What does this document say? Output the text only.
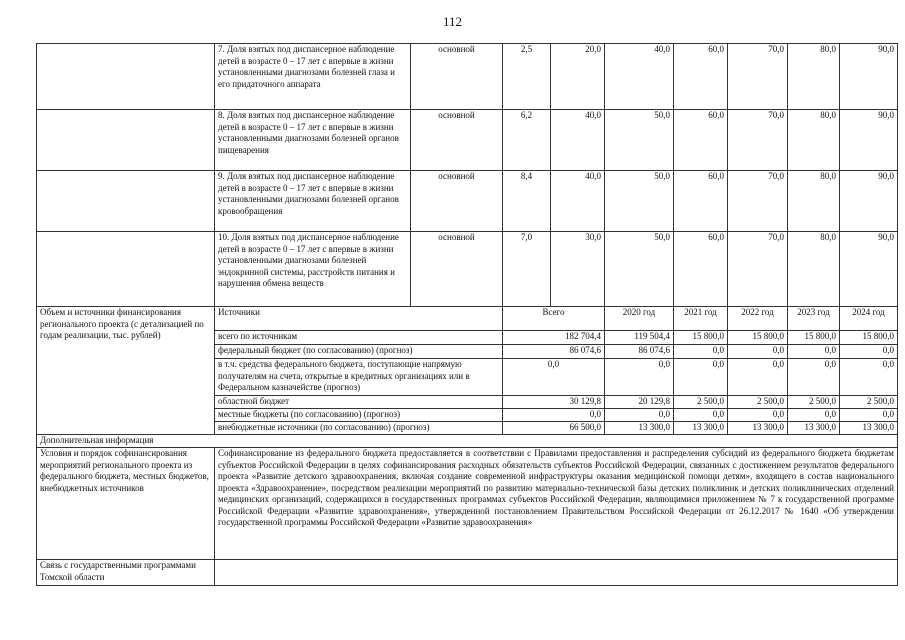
112
	7. Доля взятых под диспансерное наблюдение детей в возрасте 0 – 17 лет с впервые в жизни установленными диагнозами болезней глаза и его придаточного аппарата	основной	2,5	20,0	40,0	60,0	70,0	80,0	90,0
	8. Доля взятых под диспансерное наблюдение детей в возрасте 0 – 17 лет с впервые в жизни установленными диагнозами болезней органов пищеварения	основной	6,2	40,0	50,0	60,0	70,0	80,0	90,0
	9. Доля взятых под диспансерное наблюдение детей в возрасте 0 – 17 лет с впервые в жизни установленными диагнозами болезней органов кровообращения	основной	8,4	40,0	50,0	60,0	70,0	80,0	90,0
	10. Доля взятых под диспансерное наблюдение детей в возрасте 0 – 17 лет с впервые в жизни установленными диагнозами болезней эндокринной системы, расстройств питания и нарушения обмена веществ	основной	7,0	30,0	50,0	60,0	70,0	80,0	90,0
Объем и источники финансирования регионального проекта (с детализацией по годам реализации, тыс. рублей)	Источники		Всего		2020 год	2021 год	2022 год	2023 год	2024 год
	всего по источникам		182 704,4		119 504,4	15 800,0	15 800,0	15 800,0	15 800,0
	федеральный бюджет (по согласованию) (прогноз)		86 074,6		86 074,6	0,0	0,0	0,0	0,0
	в т.ч. средства федерального бюджета, поступающие напрямую получателям на счета, открытые в кредитных организациях или в Федеральном казначействе (прогноз)		0,0		0,0	0,0	0,0	0,0	0,0
	областной бюджет		30 129,8		20 129,8	2 500,0	2 500,0	2 500,0	2 500,0
	местные бюджеты (по согласованию) (прогноз)		0,0		0,0	0,0	0,0	0,0	0,0
	внебюджетные источники (по согласованию) (прогноз)		66 500,0		13 300,0	13 300,0	13 300,0	13 300,0	13 300,0
Дополнительная информация									
Условия и порядок софинансирования мероприятий регионального проекта из федерального бюджета, местных бюджетов, внебюджетных источников	Софинансирование из федерального бюджета предоставляется в соответствии с Правилами предоставления и распределения субсидий из федерального бюджета бюджетам субъектов Российской Федерации в целях софинансирования расходных обязательств субъектов Российской Федерации, связанных с достижением результатов федерального проекта «Развитие детского здравоохранения, включая создание современной инфраструктуры оказания медицинской помощи детям», входящего в состав национального проекта «Здравоохранение», посредством реализации мероприятий по развитию материально-технической базы детских поликлиник и детских поликлинических отделений медицинских организаций, содержащихся в государственных программах субъектов Российской Федерации, являющимися приложением № 7 к государственной программе Российской Федерации «Развитие здравоохранения», утвержденной постановлением Правительством Российской Федерации от 26.12.2017 № 1640 «Об утверждении государственной программы Российской Федерации «Развитие здравоохранения»								
Связь с государственными программами Томской области									
